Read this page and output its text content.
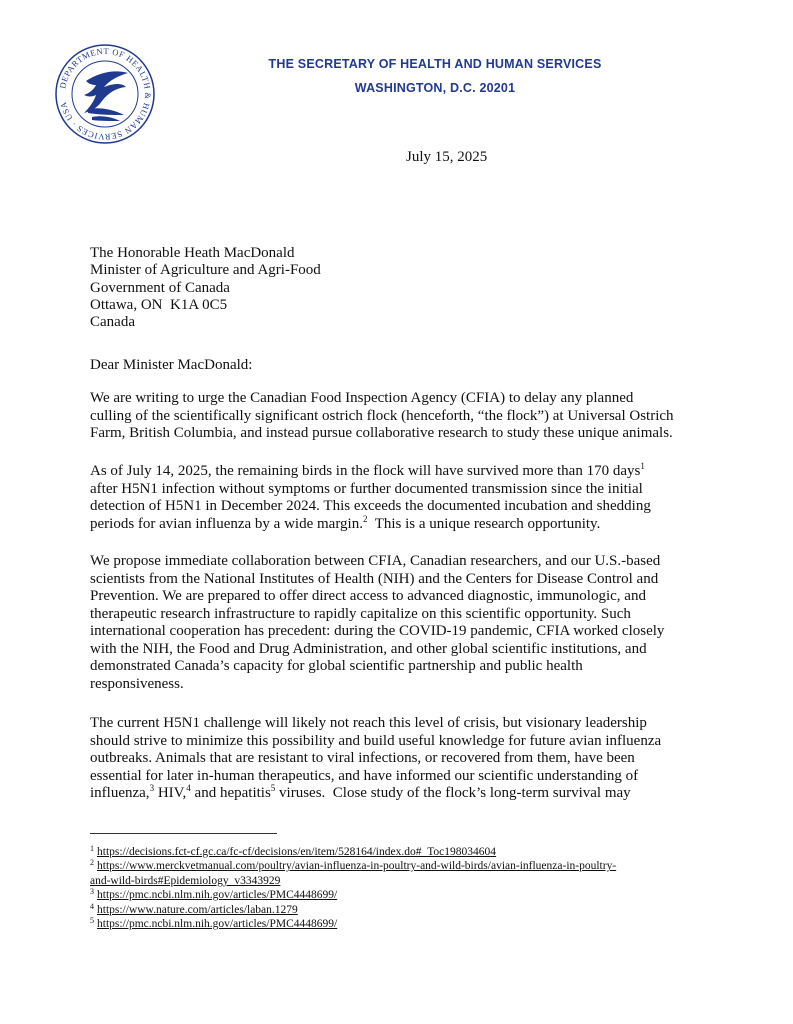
DEPARTMENT OF HEALTH & HUMAN SERVICES · USA
THE SECRETARY OF HEALTH AND HUMAN SERVICES
WASHINGTON, D.C. 20201
July 15, 2025
The Honorable Heath MacDonald
Minister of Agriculture and Agri-Food
Government of Canada
Ottawa, ON  K1A 0C5
Canada
Dear Minister MacDonald:
We are writing to urge the Canadian Food Inspection Agency (CFIA) to delay any planned
culling of the scientifically significant ostrich flock (henceforth, “the flock”) at Universal Ostrich
Farm, British Columbia, and instead pursue collaborative research to study these unique animals.
As of July 14, 2025, the remaining birds in the flock will have survived more than 170 days$^1$
after H5N1 infection without symptoms or further documented transmission since the initial
detection of H5N1 in December 2024. This exceeds the documented incubation and shedding
periods for avian influenza by a wide margin.$^2$  This is a unique research opportunity.
We propose immediate collaboration between CFIA, Canadian researchers, and our U.S.-based
scientists from the National Institutes of Health (NIH) and the Centers for Disease Control and
Prevention. We are prepared to offer direct access to advanced diagnostic, immunologic, and
therapeutic research infrastructure to rapidly capitalize on this scientific opportunity. Such
international cooperation has precedent: during the COVID-19 pandemic, CFIA worked closely
with the NIH, the Food and Drug Administration, and other global scientific institutions, and
demonstrated Canada’s capacity for global scientific partnership and public health
responsiveness.
The current H5N1 challenge will likely not reach this level of crisis, but visionary leadership
should strive to minimize this possibility and build useful knowledge for future avian influenza
outbreaks. Animals that are resistant to viral infections, or recovered from them, have been
essential for later in-human therapeutics, and have informed our scientific understanding of
influenza,$^3$ HIV,$^4$ and hepatitis$^5$ viruses.  Close study of the flock’s long-term survival may
$^1$ https://decisions.fct-cf.gc.ca/fc-cf/decisions/en/item/528164/index.do#_Toc198034604
$^2$ https://www.merckvetmanual.com/poultry/avian-influenza-in-poultry-and-wild-birds/avian-influenza-in-poultry-
and-wild-birds#Epidemiology_v3343929
$^3$ https://pmc.ncbi.nlm.nih.gov/articles/PMC4448699/
$^4$ https://www.nature.com/articles/laban.1279
$^5$ https://pmc.ncbi.nlm.nih.gov/articles/PMC4448699/
